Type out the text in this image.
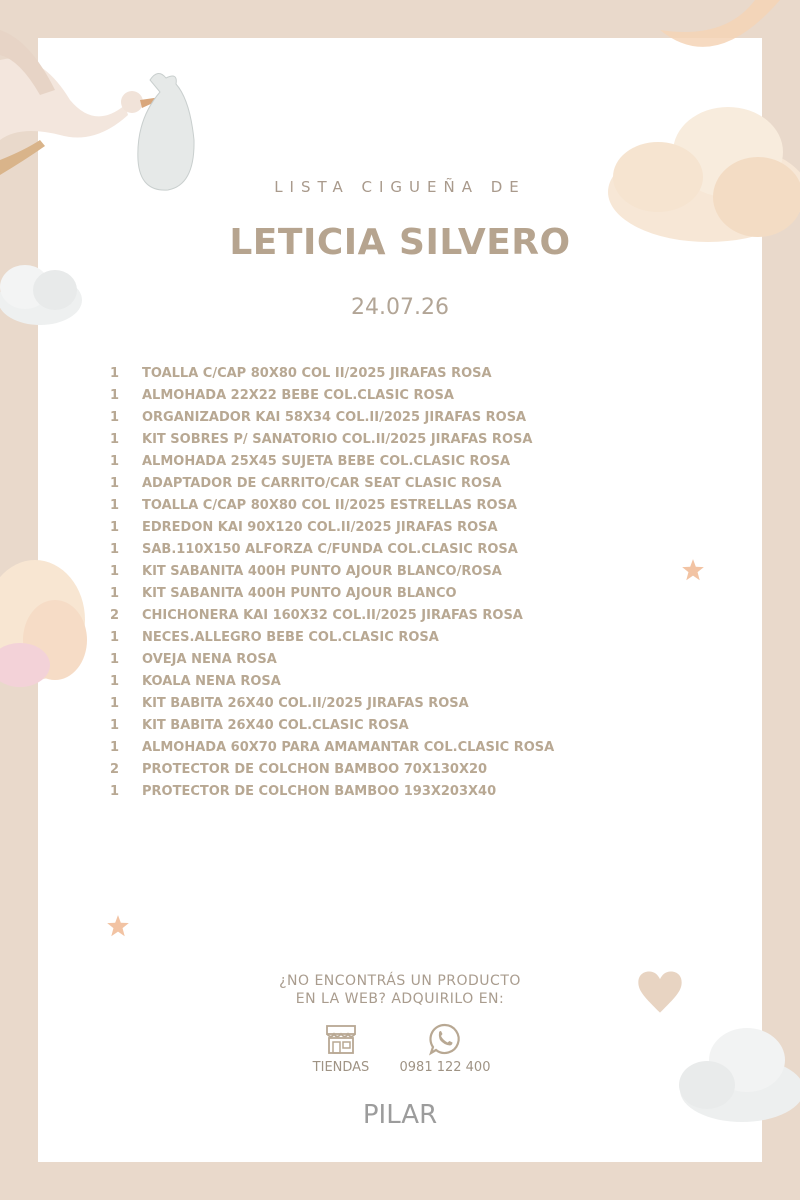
LISTA CIGUEÑA DE
LETICIA SILVERO
24.07.26
1	TOALLA C/CAP 80X80 COL II/2025 JIRAFAS ROSA
1	ALMOHADA 22X22 BEBE COL.CLASIC ROSA
1	ORGANIZADOR KAI 58X34 COL.II/2025 JIRAFAS ROSA
1	KIT SOBRES P/ SANATORIO COL.II/2025 JIRAFAS ROSA
1	ALMOHADA 25X45 SUJETA BEBE COL.CLASIC ROSA
1	ADAPTADOR DE CARRITO/CAR SEAT CLASIC ROSA
1	TOALLA C/CAP 80X80 COL II/2025 ESTRELLAS ROSA
1	EDREDON KAI 90X120 COL.II/2025 JIRAFAS ROSA
1	SAB.110X150 ALFORZA C/FUNDA COL.CLASIC ROSA
1	KIT SABANITA 400H PUNTO AJOUR BLANCO/ROSA
1	KIT SABANITA 400H PUNTO AJOUR BLANCO
2	CHICHONERA KAI 160X32 COL.II/2025 JIRAFAS ROSA
1	NECES.ALLEGRO BEBE COL.CLASIC ROSA
1	OVEJA NENA ROSA
1	KOALA NENA ROSA
1	KIT BABITA 26X40 COL.II/2025 JIRAFAS ROSA
1	KIT BABITA 26X40 COL.CLASIC ROSA
1	ALMOHADA 60X70 PARA AMAMANTAR COL.CLASIC ROSA
2	PROTECTOR DE COLCHON BAMBOO 70X130X20
1	PROTECTOR DE COLCHON BAMBOO 193X203X40
¿NO ENCONTRÁS UN PRODUCTO
EN LA WEB? ADQUIRILO EN:
TIENDAS	0981 122 400
PILAR
